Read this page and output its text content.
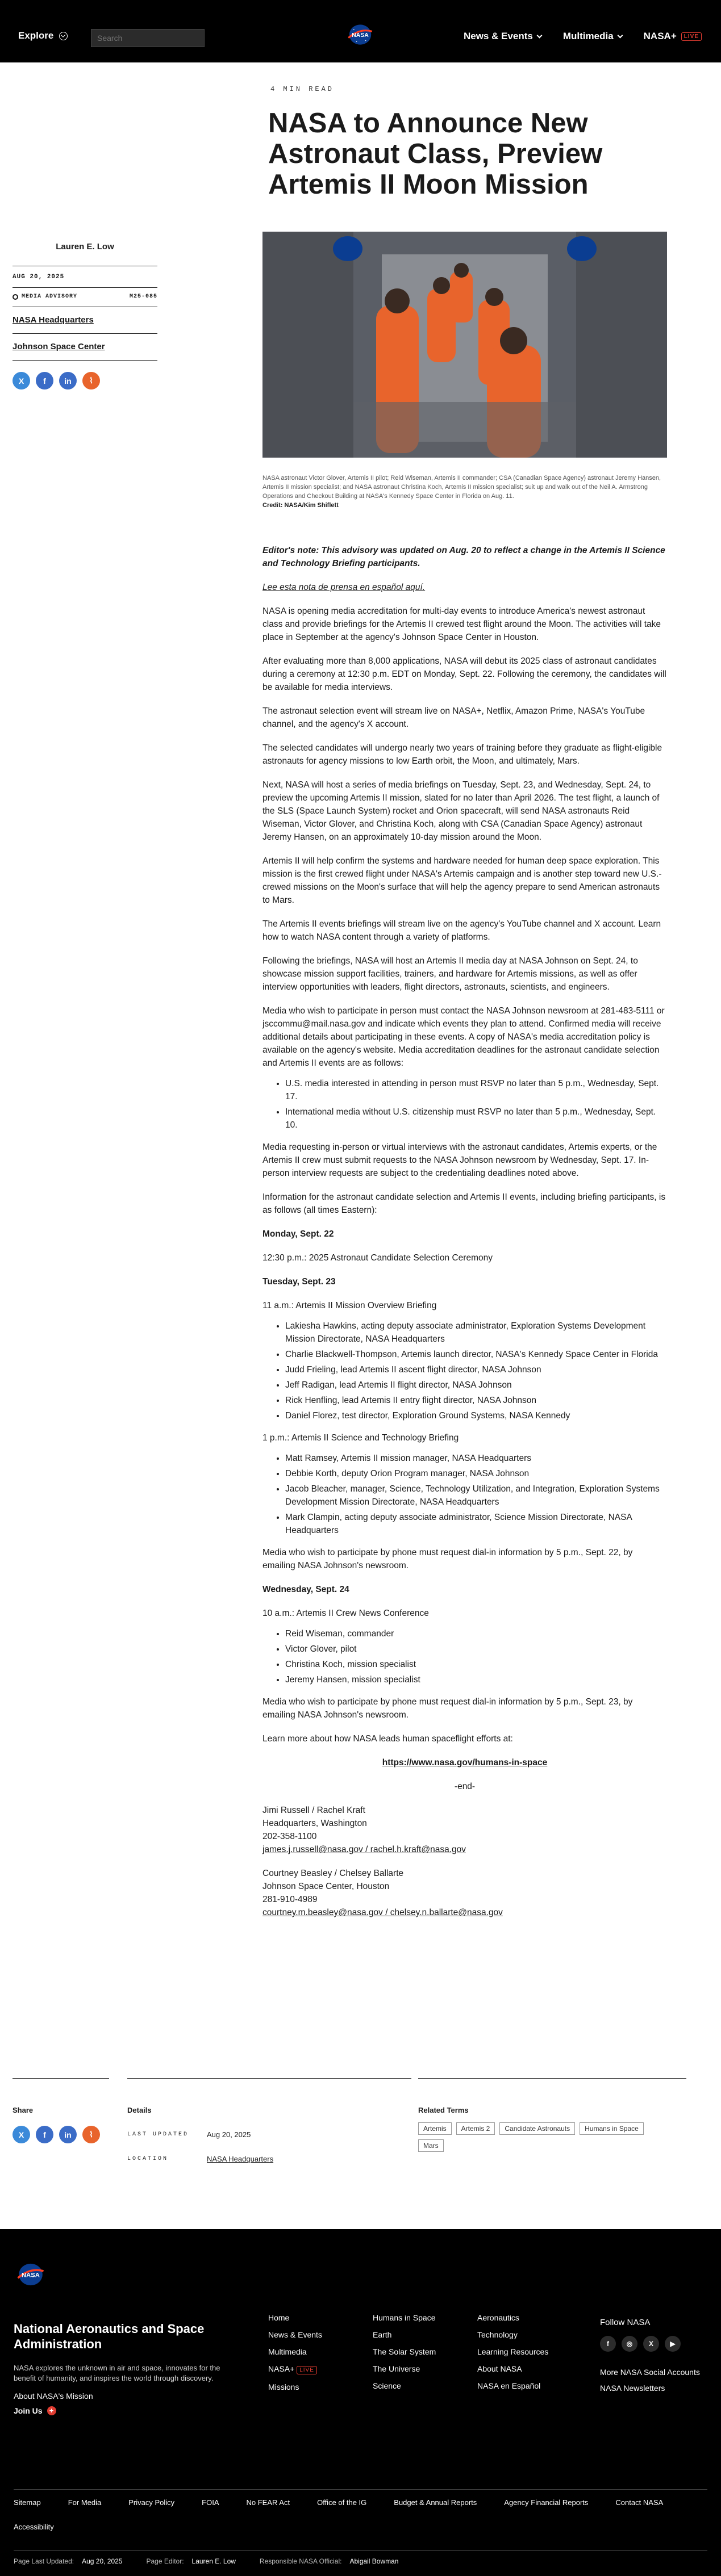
Explore
Search	NASA	News & Events	Multimedia	NASA+	LIVE
4 MIN READ
NASA to Announce New Astronaut Class, Preview Artemis II Moon Mission
Lauren E. Low
AUG 20, 2025
MEDIA ADVISORY	M25-085
NASA Headquarters
Johnson Space Center
X	f	in	⌇
NASA astronaut Victor Glover, Artemis II pilot; Reid Wiseman, Artemis II commander; CSA (Canadian Space Agency) astronaut Jeremy Hansen, Artemis II mission specialist; and NASA astronaut Christina Koch, Artemis II mission specialist; suit up and walk out of the Neil A. Armstrong Operations and Checkout Building at NASA's Kennedy Space Center in Florida on Aug. 11.
Credit: NASA/Kim Shiflett

Editor's note: This advisory was updated on Aug. 20 to reflect a change in the Artemis II Science and Technology Briefing participants.

Lee esta nota de prensa en español aquí.

NASA is opening media accreditation for multi-day events to introduce America's newest astronaut class and provide briefings for the Artemis II crewed test flight around the Moon. The activities will take place in September at the agency's Johnson Space Center in Houston.

After evaluating more than 8,000 applications, NASA will debut its 2025 class of astronaut candidates during a ceremony at 12:30 p.m. EDT on Monday, Sept. 22. Following the ceremony, the candidates will be available for media interviews.

The astronaut selection event will stream live on NASA+, Netflix, Amazon Prime, NASA's YouTube channel, and the agency's X account.

The selected candidates will undergo nearly two years of training before they graduate as flight-eligible astronauts for agency missions to low Earth orbit, the Moon, and ultimately, Mars.

Next, NASA will host a series of media briefings on Tuesday, Sept. 23, and Wednesday, Sept. 24, to preview the upcoming Artemis II mission, slated for no later than April 2026. The test flight, a launch of the SLS (Space Launch System) rocket and Orion spacecraft, will send NASA astronauts Reid Wiseman, Victor Glover, and Christina Koch, along with CSA (Canadian Space Agency) astronaut Jeremy Hansen, on an approximately 10-day mission around the Moon.

Artemis II will help confirm the systems and hardware needed for human deep space exploration. This mission is the first crewed flight under NASA's Artemis campaign and is another step toward new U.S.-crewed missions on the Moon's surface that will help the agency prepare to send American astronauts to Mars.

The Artemis II events briefings will stream live on the agency's YouTube channel and X account. Learn how to watch NASA content through a variety of platforms.

Following the briefings, NASA will host an Artemis II media day at NASA Johnson on Sept. 24, to showcase mission support facilities, trainers, and hardware for Artemis missions, as well as offer interview opportunities with leaders, flight directors, astronauts, scientists, and engineers.

Media who wish to participate in person must contact the NASA Johnson newsroom at 281-483-5111 or jsccommu@mail.nasa.gov and indicate which events they plan to attend. Confirmed media will receive additional details about participating in these events. A copy of NASA's media accreditation policy is available on the agency's website. Media accreditation deadlines for the astronaut candidate selection and Artemis II events are as follows:

• U.S. media interested in attending in person must RSVP no later than 5 p.m., Wednesday, Sept. 17.
• International media without U.S. citizenship must RSVP no later than 5 p.m., Wednesday, Sept. 10.

Media requesting in-person or virtual interviews with the astronaut candidates, Artemis experts, or the Artemis II crew must submit requests to the NASA Johnson newsroom by Wednesday, Sept. 17. In-person interview requests are subject to the credentialing deadlines noted above.

Information for the astronaut candidate selection and Artemis II events, including briefing participants, is as follows (all times Eastern):

Monday, Sept. 22

12:30 p.m.: 2025 Astronaut Candidate Selection Ceremony

Tuesday, Sept. 23

11 a.m.: Artemis II Mission Overview Briefing

• Lakiesha Hawkins, acting deputy associate administrator, Exploration Systems Development Mission Directorate, NASA Headquarters
• Charlie Blackwell-Thompson, Artemis launch director, NASA's Kennedy Space Center in Florida
• Judd Frieling, lead Artemis II ascent flight director, NASA Johnson
• Jeff Radigan, lead Artemis II flight director, NASA Johnson
• Rick Henfling, lead Artemis II entry flight director, NASA Johnson
• Daniel Florez, test director, Exploration Ground Systems, NASA Kennedy

1 p.m.: Artemis II Science and Technology Briefing

• Matt Ramsey, Artemis II mission manager, NASA Headquarters
• Debbie Korth, deputy Orion Program manager, NASA Johnson
• Jacob Bleacher, manager, Science, Technology Utilization, and Integration, Exploration Systems Development Mission Directorate, NASA Headquarters
• Mark Clampin, acting deputy associate administrator, Science Mission Directorate, NASA Headquarters

Media who wish to participate by phone must request dial-in information by 5 p.m., Sept. 22, by emailing NASA Johnson's newsroom.

Wednesday, Sept. 24

10 a.m.: Artemis II Crew News Conference

• Reid Wiseman, commander
• Victor Glover, pilot
• Christina Koch, mission specialist
• Jeremy Hansen, mission specialist

Media who wish to participate by phone must request dial-in information by 5 p.m., Sept. 23, by emailing NASA Johnson's newsroom.

Learn more about how NASA leads human spaceflight efforts at:

https://www.nasa.gov/humans-in-space

-end-

Jimi Russell / Rachel Kraft
Headquarters, Washington
202-358-1100
james.j.russell@nasa.gov / rachel.h.kraft@nasa.gov

Courtney Beasley / Chelsey Ballarte
Johnson Space Center, Houston
281-910-4989
courtney.m.beasley@nasa.gov / chelsey.n.ballarte@nasa.gov

Share
X	f	in	⌇
Details
LAST UPDATED	Aug 20, 2025
LOCATION	NASA Headquarters
Related Terms
Artemis	Artemis 2	Candidate Astronauts	Humans in Space
Mars
NASA
National Aeronautics and Space Administration
NASA explores the unknown in air and space, innovates for the benefit of humanity, and inspires the world through discovery.
About NASA's Mission
Join Us +
Home
News & Events
Multimedia
NASA+ LIVE
Missions
Humans in Space
Earth
The Solar System
The Universe
Science
Aeronautics
Technology
Learning Resources
About NASA
NASA en Español
Follow NASA
f	◎	X	▶
More NASA Social Accounts
NASA Newsletters
Sitemap	For Media	Privacy Policy	FOIA	No FEAR Act	Office of the IG	Budget & Annual Reports	Agency Financial Reports	Contact NASA
Accessibility
Page Last Updated: Aug 20, 2025	Page Editor: Lauren E. Low	Responsible NASA Official: Abigail Bowman
